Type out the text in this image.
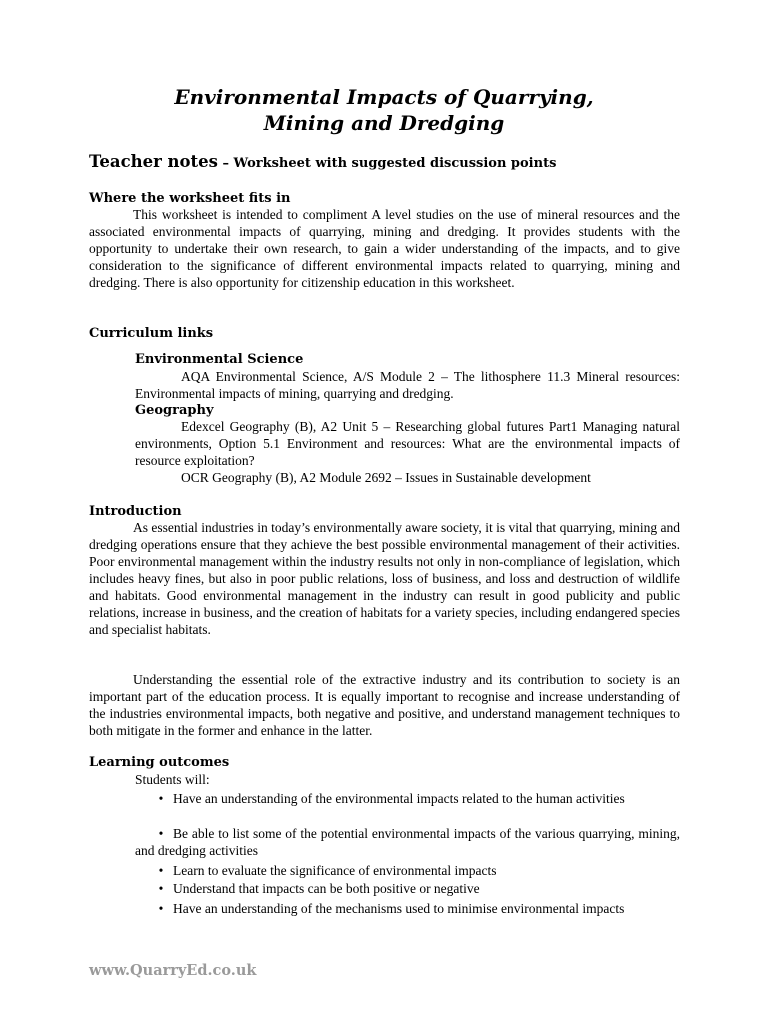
Environmental Impacts of Quarrying,
Mining and Dredging
Teacher notes – Worksheet with suggested discussion points
Where the worksheet fits in
This worksheet is intended to compliment A level studies on the use of mineral resources and the associated environmental impacts of quarrying, mining and dredging. It provides students with the opportunity to undertake their own research, to gain a wider understanding of the impacts, and to give consideration to the significance of different environmental impacts related to quarrying, mining and dredging. There is also opportunity for citizenship education in this worksheet.
Curriculum links
Environmental Science
AQA Environmental Science, A/S Module 2 – The lithosphere 11.3 Mineral resources: Environmental impacts of mining, quarrying and dredging.
Geography
Edexcel Geography (B), A2 Unit 5 – Researching global futures Part1 Managing natural environments, Option 5.1 Environment and resources: What are the environmental impacts of resource exploitation?
OCR Geography (B), A2 Module 2692 – Issues in Sustainable development
Introduction
As essential industries in today’s environmentally aware society, it is vital that quarrying, mining and dredging operations ensure that they achieve the best possible environmental management of their activities. Poor environmental management within the industry results not only in non-compliance of legislation, which includes heavy fines, but also in poor public relations, loss of business, and loss and destruction of wildlife and habitats. Good environmental management in the industry can result in good publicity and public relations, increase in business, and the creation of habitats for a variety species, including endangered species and specialist habitats.
Understanding the essential role of the extractive industry and its contribution to society is an important part of the education process. It is equally important to recognise and increase understanding of the industries environmental impacts, both negative and positive, and understand management techniques to both mitigate in the former and enhance in the latter.
Learning outcomes
Students will:
• Have an understanding of the environmental impacts related to the human activities
• Be able to list some of the potential environmental impacts of the various quarrying, mining, and dredging activities
• Learn to evaluate the significance of environmental impacts
• Understand that impacts can be both positive or negative
• Have an understanding of the mechanisms used to minimise environmental impacts
www.QuarryEd.co.uk
